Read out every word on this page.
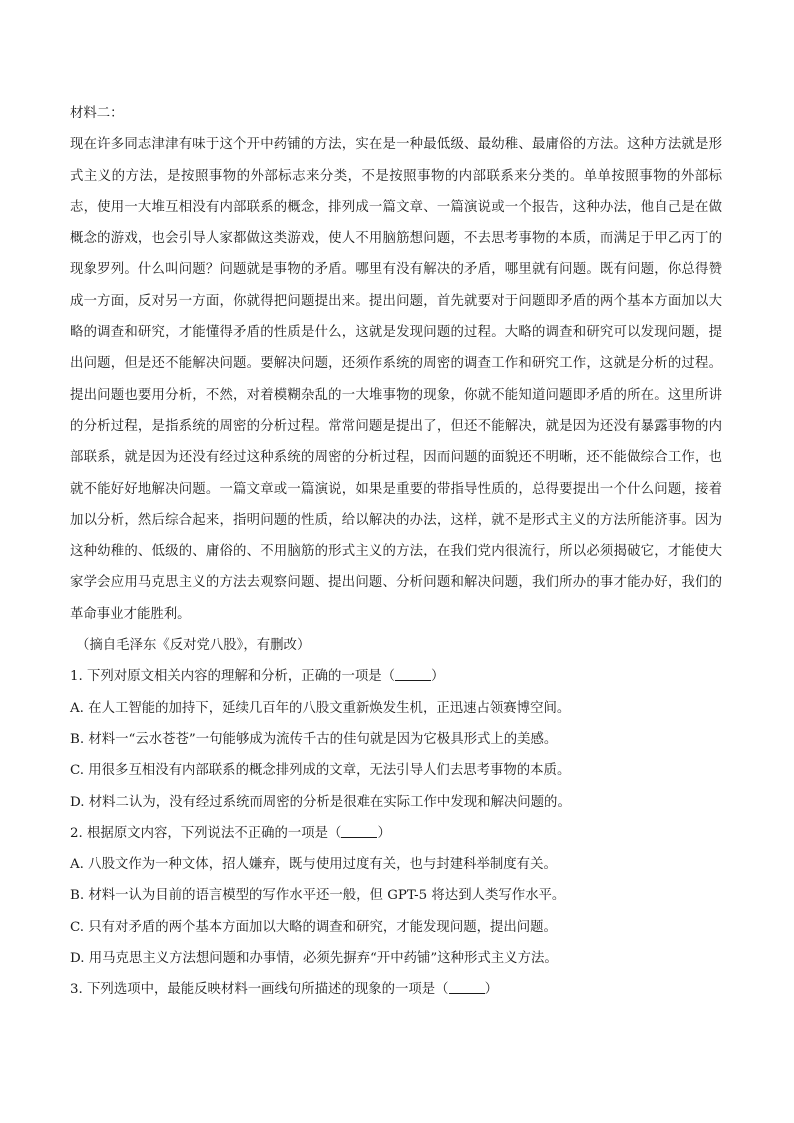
材料二：

现在许多同志津津有味于这个开中药铺的方法，实在是一种最低级、最幼稚、最庸俗的方法。这种方法就是形式主义的方法，是按照事物的外部标志来分类，不是按照事物的内部联系来分类的。单单按照事物的外部标志，使用一大堆互相没有内部联系的概念，排列成一篇文章、一篇演说或一个报告，这种办法，他自己是在做概念的游戏，也会引导人家都做这类游戏，使人不用脑筋想问题，不去思考事物的本质，而满足于甲乙丙丁的现象罗列。什么叫问题？问题就是事物的矛盾。哪里有没有解决的矛盾，哪里就有问题。既有问题，你总得赞成一方面，反对另一方面，你就得把问题提出来。提出问题，首先就要对于问题即矛盾的两个基本方面加以大略的调查和研究，才能懂得矛盾的性质是什么，这就是发现问题的过程。大略的调查和研究可以发现问题，提出问题，但是还不能解决问题。要解决问题，还须作系统的周密的调查工作和研究工作，这就是分析的过程。提出问题也要用分析，不然，对着模糊杂乱的一大堆事物的现象，你就不能知道问题即矛盾的所在。这里所讲的分析过程，是指系统的周密的分析过程。常常问题是提出了，但还不能解决，就是因为还没有暴露事物的内部联系，就是因为还没有经过这种系统的周密的分析过程，因而问题的面貌还不明晰，还不能做综合工作，也就不能好好地解决问题。一篇文章或一篇演说，如果是重要的带指导性质的，总得要提出一个什么问题，接着加以分析，然后综合起来，指明问题的性质，给以解决的办法，这样，就不是形式主义的方法所能济事。因为这种幼稚的、低级的、庸俗的、不用脑筋的形式主义的方法，在我们党内很流行，所以必须揭破它，才能使大家学会应用马克思主义的方法去观察问题、提出问题、分析问题和解决问题，我们所办的事才能办好，我们的革命事业才能胜利。

（摘自毛泽东《反对党八股》，有删改）

1. 下列对原文相关内容的理解和分析，正确的一项是（	）

A. 在人工智能的加持下，延续几百年的八股文重新焕发生机，正迅速占领赛博空间。

B. 材料一“云水苍苍”一句能够成为流传千古的佳句就是因为它极具形式上的美感。

C. 用很多互相没有内部联系的概念排列成的文章，无法引导人们去思考事物的本质。

D. 材料二认为，没有经过系统而周密的分析是很难在实际工作中发现和解决问题的。

2. 根据原文内容，下列说法不正确的一项是（	）

A. 八股文作为一种文体，招人嫌弃，既与使用过度有关，也与封建科举制度有关。

B. 材料一认为目前的语言模型的写作水平还一般，但 GPT-5 将达到人类写作水平。

C. 只有对矛盾的两个基本方面加以大略的调查和研究，才能发现问题，提出问题。

D. 用马克思主义方法想问题和办事情，必须先摒弃“开中药铺”这种形式主义方法。

3. 下列选项中，最能反映材料一画线句所描述的现象的一项是（	）
